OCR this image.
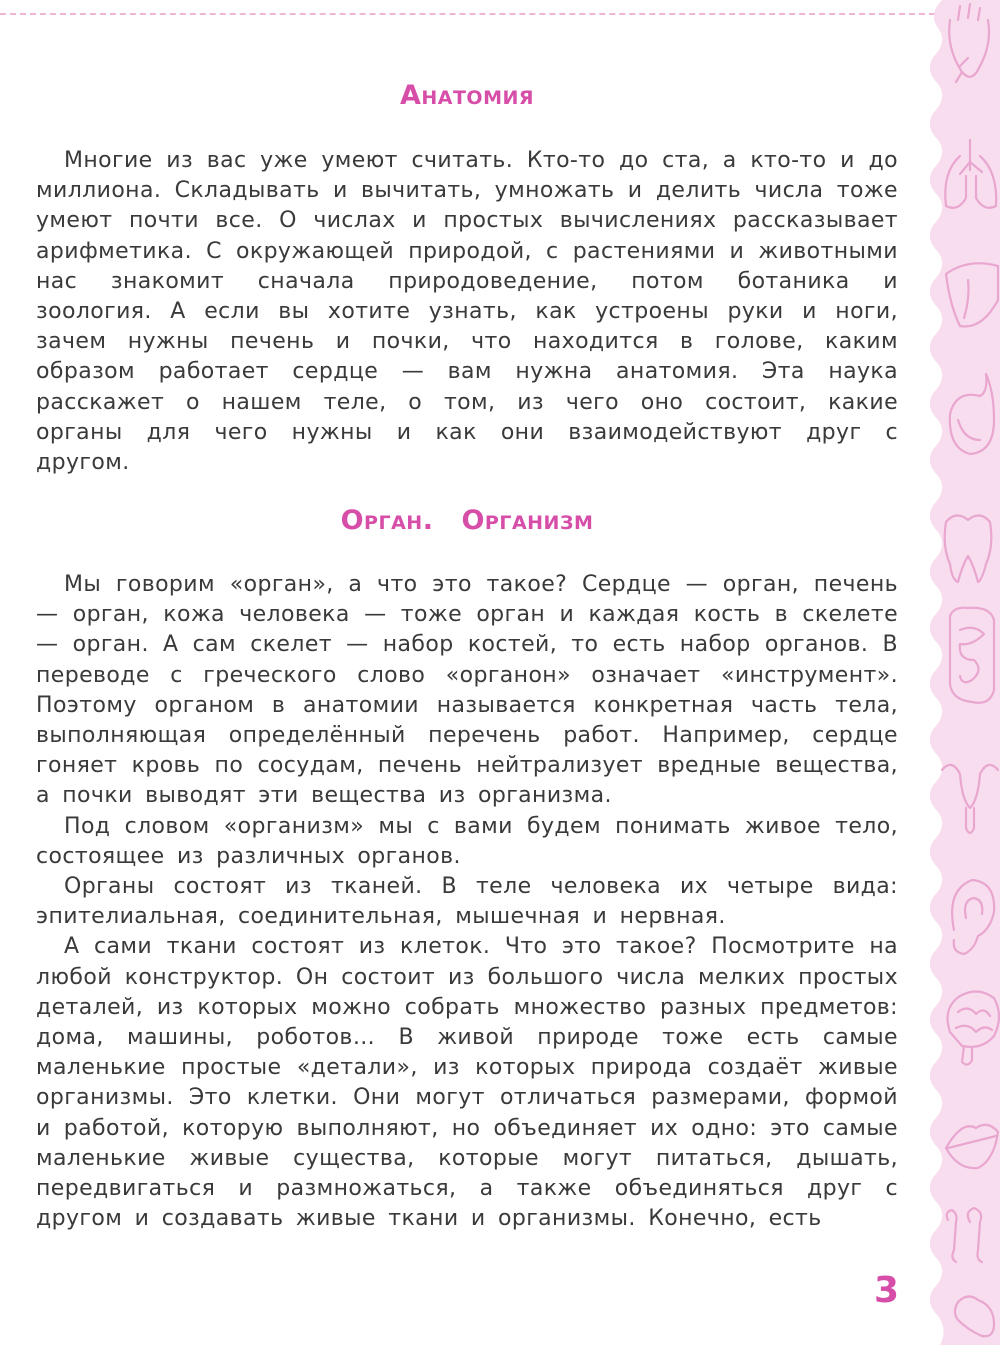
Анатомия

Многие из вас уже умеют считать. Кто-то до ста, а кто-то и до миллиона. Складывать и вычитать, умножать и делить числа тоже умеют почти все. О числах и простых вычислениях рассказывает арифметика. С окружающей природой, с растениями и животными нас знакомит сначала природоведение, потом ботаника и зоология. А если вы хотите узнать, как устроены руки и ноги, зачем нужны печень и почки, что находится в голове, каким образом работает сердце — вам нужна анатомия. Эта наука расскажет о нашем теле, о том, из чего оно состоит, какие органы для чего нужны и как они взаимодействуют друг с другом.

Орган. Организм

Мы говорим «орган», а что это такое? Сердце — орган, печень — орган, кожа человека — тоже орган и каждая кость в скелете — орган. А сам скелет — набор костей, то есть набор органов. В переводе с греческого слово «органон» означает «инструмент». Поэтому органом в анатомии называется конкретная часть тела, выполняющая определённый перечень работ. Например, сердце гоняет кровь по сосудам, печень нейтрализует вредные вещества, а почки выводят эти вещества из организма.

Под словом «организм» мы с вами будем понимать живое тело, состоящее из различных органов.

Органы состоят из тканей. В теле человека их четыре вида: эпителиальная, соединительная, мышечная и нервная.

А сами ткани состоят из клеток. Что это такое? Посмотрите на любой конструктор. Он состоит из большого числа мелких простых деталей, из которых можно собрать множество разных предметов: дома, машины, роботов… В живой природе тоже есть самые маленькие простые «детали», из которых природа создаёт живые организмы. Это клетки. Они могут отличаться размерами, формой и работой, которую выполняют, но объединяет их одно: это самые маленькие живые существа, которые могут питаться, дышать, передвигаться и размножаться, а также объединяться друг с другом и создавать живые ткани и организмы. Конечно, есть

3
